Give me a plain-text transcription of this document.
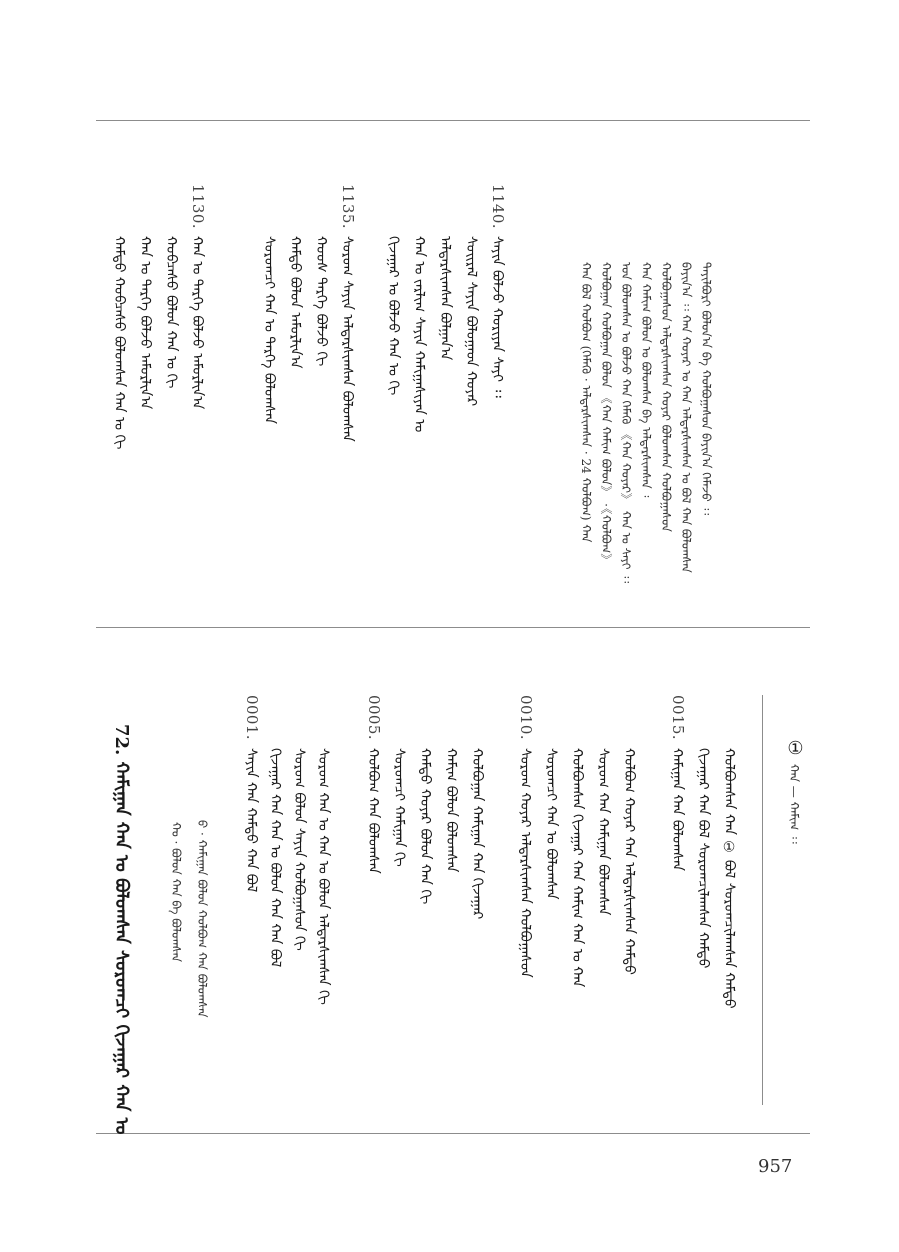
1140.
ᠰᠠᠶᠢᠨ ᠪᠣᠯᠵᠣ ᠬᠤᠷᠢᠶᠠᠨ ᠰᠠᠶᠢ ᠄᠄
ᠰᠤᠢᠷᠠᠯ ᠰᠠᠶᠢᠨ ᠪᠣᠯᠣᠭᠠᠳ ᠬᠣᠶᠠᠷ
ᠠᠯᠳᠠᠷᠰᠢᠭᠰᠠᠨ ᠪᠣᠯᠭᠠᠨ᠎ᠠ
ᠬᠠᠨ ᠤ ᠵᠠᠷᠯᠢᠭ ᠰᠠᠶᠢᠨ ᠬᠠᠮᠢᠭᠠᠰᠢᠶᠠᠨ ᠤ
ᠬᠢᠵᠠᠭᠠᠷ ᠤ ᠪᠣᠯᠵᠣ ᠬᠠᠨ ᠤ ᠬᠢ
1135.
ᠰᠤᠷᠤᠭ ᠰᠠᠶᠢᠨ ᠠᠯᠳᠠᠷᠰᠢᠭᠰᠠᠨ ᠪᠣᠯᠤᠭᠰᠠᠨ
ᠬᠣᠣᠰ ᠲᠡᠷᠭᠡ ᠪᠣᠯᠵᠣ ᠬᠢ
ᠬᠠᠮᠲᠤ ᠪᠣᠯᠤᠨ ᠠᠮᠤᠷᠯᠢᠨ᠎ᠠ
ᠰᠤᠷᠤᠭᠴᠢ ᠬᠠᠨ ᠤ ᠲᠡᠷᠭᠡ ᠪᠣᠯᠤᠭᠰᠠᠨ
1130.
ᠬᠠᠨ ᠤ ᠲᠡᠷᠭᠡ ᠪᠣᠯᠵᠣ ᠠᠮᠤᠷᠯᠢᠨ᠎ᠠ
ᠬᠤᠪᠴᠠᠰᠤ ᠪᠣᠯᠣᠨ ᠬᠠᠨ ᠤ ᠬᠢ
ᠬᠠᠨ ᠤ ᠲᠡᠷᠭᠡ ᠪᠣᠯᠵᠣ ᠠᠮᠤᠷᠯᠢᠨ᠎ᠠ
ᠬᠠᠮᠲᠤ ᠬᠤᠪᠴᠠᠰᠤ ᠪᠣᠯᠤᠭᠰᠠᠨ ᠬᠠᠨ ᠤ ᠬᠢ	ᠲᠠᠶᠢᠯᠪᠤᠷᠢ ᠪᠣᠯᠤᠨ᠎ᠠ ᠪᠠ ᠬᠣᠯᠪᠤᠭᠠᠰᠤᠨ ᠪᠠᠶᠢᠨ᠎ᠠ ᠬᠡᠮᠡᠵᠦ ᠄᠄
ᠪᠠᠶᠢᠨ᠎ᠠ ᠄᠄ ᠬᠠᠨ ᠬᠣᠶᠠᠷ ᠤ ᠬᠠᠨ ᠠᠯᠳᠠᠷᠰᠢᠭᠰᠠᠨ ᠤ ᠪᠣᠯ ᠬᠠᠨ ᠪᠣᠯᠤᠭᠰᠠᠨ
ᠬᠣᠯᠪᠤᠭᠠᠰᠤᠨ ᠠᠯᠳᠠᠷᠰᠢᠭᠰᠠᠨ ᠬᠣᠶᠠᠷ ᠪᠣᠯᠤᠭᠰᠠᠨ ᠬᠣᠯᠪᠤᠭᠠᠰᠤᠨ
ᠬᠠᠨ ᠬᠠᠮᠢᠭ ᠪᠣᠯᠤᠨ ᠤ ᠪᠣᠯᠤᠭᠰᠠᠨ ᠪᠠ ᠠᠯᠳᠠᠷᠰᠢᠭᠰᠠᠨ ᠄
ᠤᠨ ᠪᠣᠯᠤᠭᠰᠠᠨ ᠤ ᠪᠣᠯᠵᠣ ᠬᠠᠨ ᠬᠡᠮᠡᠬᠦ 《ᠬᠠᠨ ᠬᠣᠶᠠᠷ》 ᠬᠠᠨ ᠤ ᠰᠠᠶᠢ ᠄᠄
ᠬᠣᠯᠪᠤᠭᠠᠨ ᠬᠣᠯᠪᠤᠭᠠᠨ ᠪᠣᠯᠤᠨ 《ᠬᠠᠨ ᠬᠠᠮᠢᠭ ᠪᠣᠯᠤᠨ》 ·《ᠬᠣᠯᠪᠤᠭ》
ᠬᠠᠨ ᠪᠣᠯ ᠬᠣᠯᠪᠤᠭ (ᠬᠡᠮᠡᠬᠦ · ᠠᠯᠳᠠᠷᠰᠢᠭᠰᠠᠨ · 24 ᠬᠣᠯᠪᠤᠭ) ᠬᠠᠨ
72. ᠬᠠᠮᠢᠭᠠᠨ ᠬᠠᠨ ᠤ ᠪᠣᠯᠤᠭᠰᠠᠨ ᠰᠤᠷᠤᠭᠴᠢ ᠬᠢᠵᠠᠭᠠᠷ ᠬᠠᠨ ᠤ	ᠪ · ᠬᠠᠮᠢᠭᠠᠨ ᠪᠣᠯᠤᠨ ᠬᠣᠯᠪᠤᠭ ᠬᠠᠨ ᠪᠣᠯᠤᠭᠰᠠᠨ
ᠬᠣ · ᠪᠣᠯᠤᠨ ᠬᠠᠨ ᠪᠠ ᠪᠣᠯᠤᠭᠰᠠᠨ
0001.
ᠰᠠᠶᠢᠨ ᠬᠠᠨ ᠬᠠᠮᠲᠤ ᠬᠠᠨ ᠪᠣᠯ ᠬᠢᠵᠠᠭᠠᠷ ᠬᠠᠨ ᠬᠠᠨ ᠤ ᠪᠣᠯᠤᠨ ᠬᠠᠨ ᠬᠠᠨ ᠪᠣᠯ ᠰᠤᠷᠤᠭ ᠪᠣᠯᠤᠨ ᠰᠠᠶᠢᠨ ᠬᠣᠯᠪᠤᠭᠠᠰᠤᠨ ᠬᠢ ᠰᠤᠷᠤᠭ ᠬᠠᠨ ᠤ ᠬᠠᠨ ᠤ ᠪᠣᠯᠤᠨ ᠠᠯᠳᠠᠷᠰᠢᠭᠰᠠᠨ ᠬᠢ
0005.
ᠬᠣᠯᠪᠤᠭ ᠬᠠᠨ ᠪᠣᠯᠤᠭᠰᠠᠨ ᠰᠤᠷᠤᠭᠴᠢ ᠬᠠᠮᠢᠭᠠᠨ ᠬᠢ ᠬᠠᠮᠲᠤ ᠬᠣᠶᠠᠷ ᠪᠣᠯᠤᠨ ᠬᠠᠨ ᠬᠢ ᠬᠠᠮᠢᠭ ᠪᠣᠯᠤᠨ ᠪᠣᠯᠤᠭᠰᠠᠨ ᠬᠣᠯᠪᠤᠭᠠᠨ ᠬᠠᠮᠢᠭᠠᠨ ᠬᠠᠨ ᠬᠢᠵᠠᠭᠠᠷ
0010.
ᠰᠤᠷᠤᠭ ᠬᠣᠶᠠᠷ ᠠᠯᠳᠠᠷᠰᠢᠭᠰᠠᠨ ᠬᠣᠯᠪᠤᠭᠠᠰᠤᠨ ᠰᠤᠷᠤᠭᠴᠢ ᠬᠠᠨ ᠤ ᠪᠣᠯᠤᠭᠰᠠᠨ ᠬᠣᠯᠪᠤᠭᠰᠠᠨ ᠬᠢᠵᠠᠭᠠᠷ ᠬᠠᠨ ᠬᠠᠮᠢᠭ ᠬᠠᠨ ᠤ ᠬᠠᠨ ᠰᠤᠷᠤᠭ ᠬᠠᠨ ᠬᠠᠮᠢᠭᠠᠨ ᠪᠣᠯᠤᠭᠰᠠᠨ ᠬᠣᠯᠪᠤᠭ ᠬᠣᠶᠠᠷ ᠬᠠᠨ ᠠᠯᠳᠠᠷᠰᠢᠭᠰᠠᠨ ᠬᠠᠮᠲᠤ
0015.
ᠬᠠᠮᠢᠭᠠᠨ ᠬᠠᠨ ᠪᠣᠯᠤᠭᠰᠠᠨ ᠬᠢᠵᠠᠭᠠᠷ ᠬᠠᠨ ᠪᠣᠯ ᠰᠤᠷᠤᠭᠴᠢᠯᠠᠭᠰᠠᠨ ᠬᠠᠮᠲᠤ ᠬᠣᠯᠪᠤᠭᠰᠠᠨ ᠬᠠᠨ ① ᠪᠣᠯ ᠰᠤᠷᠤᠭᠴᠢᠯᠠᠭᠰᠠᠨ ᠬᠠᠮᠲᠤ	①
ᠬᠠᠨ — ᠬᠠᠮᠢᠭ ᠄᠄
957
